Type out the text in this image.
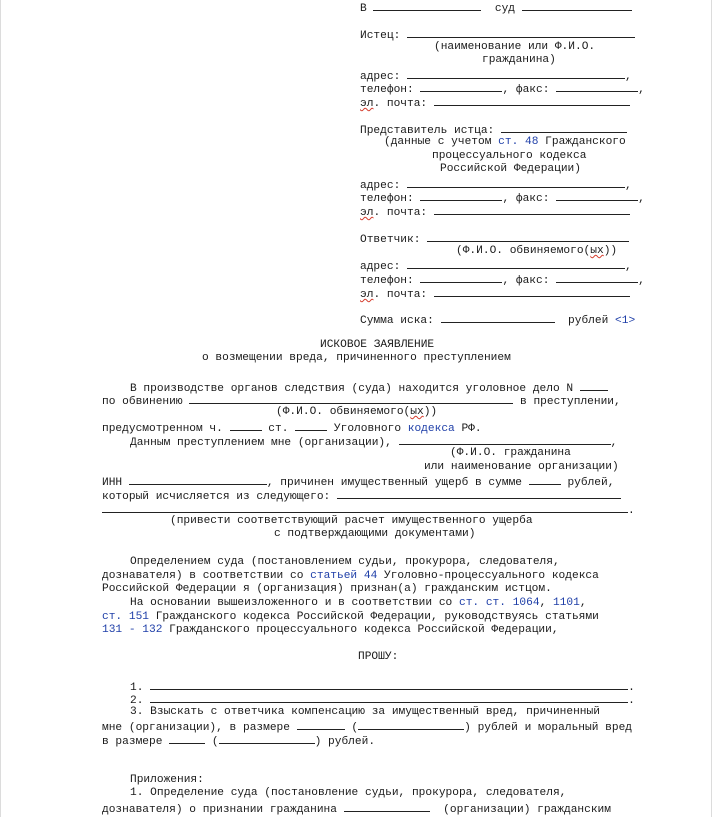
В	суд
Истец:
(наименование или Ф.И.О.
гражданина)
адрес:	,
телефон:	, факс:	,
эл. почта:
Представитель истца:
(данные с учетом ст. 48 Гражданского
процессуального кодекса
Российской Федерации)
адрес:	,
телефон:	, факс:	,
эл. почта:
Ответчик:
(Ф.И.О. обвиняемого(ых))
адрес:	,
телефон:	, факс:	,
эл. почта:
Сумма иска:	рублей <1>
ИСКОВОЕ ЗАЯВЛЕНИЕ
о возмещении вреда, причиненного преступлением
В производстве органов следствия (суда) находится уголовное дело N
по обвинению	в преступлении,
(Ф.И.О. обвиняемого(ых))
предусмотренном ч.	ст.	Уголовного кодекса РФ.
Данным преступлением мне (организации),	,
(Ф.И.О. гражданина
или наименование организации)
ИНН	, причинен имущественный ущерб в сумме	рублей,
который исчисляется из следующего:
.
(привести соответствующий расчет имущественного ущерба
с подтверждающими документами)
Определением суда (постановлением судьи, прокурора, следователя,
дознавателя) в соответствии со статьей 44 Уголовно-процессуального кодекса
Российской Федерации я (организация) признан(а) гражданским истцом.
На основании вышеизложенного и в соответствии со ст. ст. 1064, 1101,
ст. 151 Гражданского кодекса Российской Федерации, руководствуясь статьями
131 - 132 Гражданского процессуального кодекса Российской Федерации,
ПРОШУ:
1.	.
2.	.
3. Взыскать с ответчика компенсацию за имущественный вред, причиненный
мне (организации), в размере	(	) рублей и моральный вред
в размере	(	) рублей.
Приложения:
1. Определение суда (постановление судьи, прокурора, следователя,
дознавателя) о признании гражданина	(организации) гражданским
